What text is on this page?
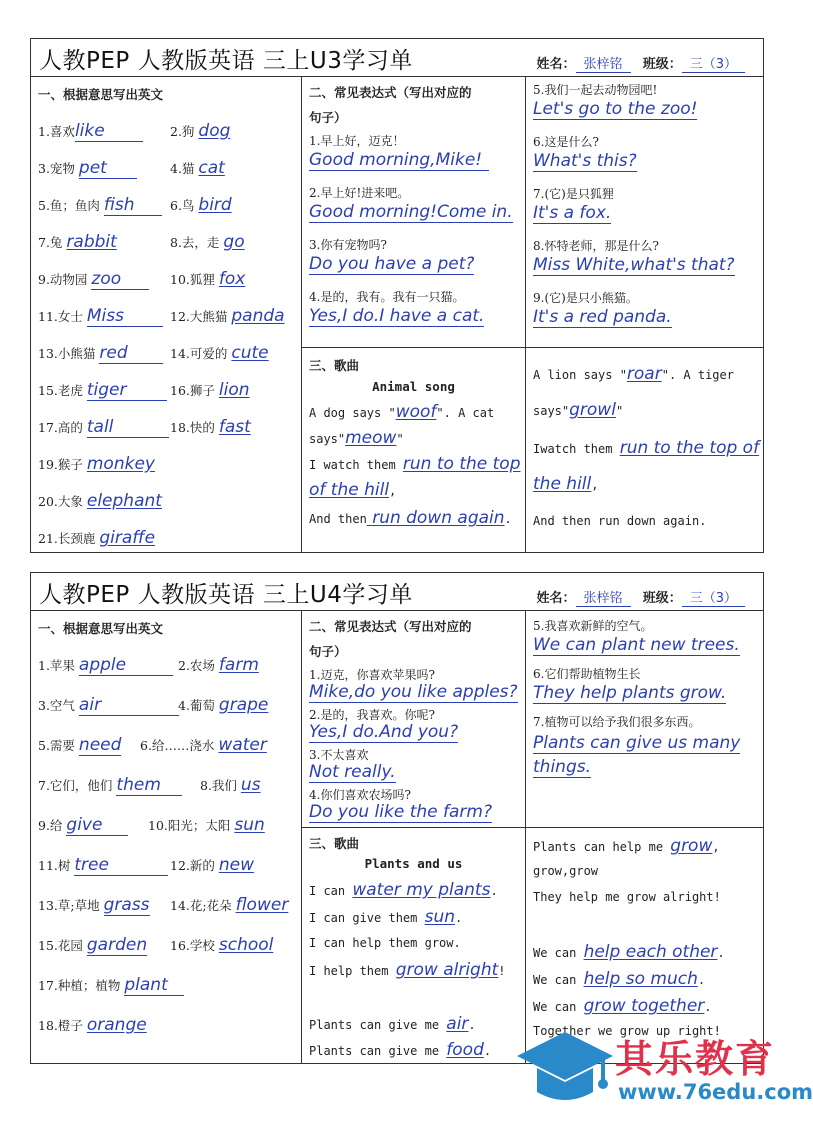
人教PEP 人教版英语 三上U3学习单	姓名： 张梓铭 班级： 三（3）
一、根据意思写出英文
1.喜欢like	2.狗 dog
3.宠物 pet	4.猫 cat
5.鱼；鱼肉 fish	6.鸟 bird
7.兔 rabbit	8.去，走 go
9.动物园 zoo	10.狐狸 fox
11.女士 Miss	12.大熊猫 panda
13.小熊猫 red	14.可爱的 cute
15.老虎 tiger	16.狮子 lion
17.高的 tall	18.快的 fast
19.猴子 monkey
20.大象 elephant
21.长颈鹿 giraffe
二、常见表达式（写出对应的
句子）
1.早上好，迈克！
Good morning,Mike!
2.早上好!进来吧。
Good morning!Come in.
3.你有宠物吗?
Do you have a pet?
4.是的，我有。我有一只猫。
Yes,I do.I have a cat.
三、歌曲
Animal song
A dog says "woof". A cat
says"meow"
I watch them run to the top
of the hill,
And then run down again.
5.我们一起去动物园吧!
Let's go to the zoo!
6.这是什么?
What's this?
7.(它)是只狐狸
It's a fox.
8.怀特老师，那是什么?
Miss White,what's that?
9.(它)是只小熊猫。
It's a red panda.
A lion says "roar". A tiger
says"growl"
Iwatch them run to the top of
the hill,
And then run down again.
人教PEP 人教版英语 三上U4学习单	姓名： 张梓铭 班级： 三（3）
一、根据意思写出英文
1.苹果 apple	2.农场 farm
3.空气 air	4.葡萄 grape
5.需要 need 6.给……浇水 water
7.它们，他们 them	8.我们 us
9.给 give	10.阳光；太阳 sun
11.树 tree	12.新的 new
13.草;草地 grass 14.花;花朵 flower
15.花园 garden 16.学校 school
17.种植；植物 plant
18.橙子 orange
二、常见表达式（写出对应的
句子）
1.迈克，你喜欢苹果吗?
Mike,do you like apples?
2.是的，我喜欢。你呢?
Yes,I do.And you?
3.不太喜欢
Not really.
4.你们喜欢农场吗?
Do you like the farm?
三、歌曲
Plants and us
I can water my plants.
I can give them sun.
I can help them grow.
I help them grow alright!
Plants can give me air.
Plants can give me food.
5.我喜欢新鲜的空气。
We can plant new trees.
6.它们帮助植物生长
They help plants grow.
7.植物可以给予我们很多东西。
Plants can give us many
things.
Plants can help me grow,
grow,grow
They help me grow alright!
We can help each other.
We can help so much.
We can grow together.
Together we grow up right!
其乐教育
www.76edu.com
